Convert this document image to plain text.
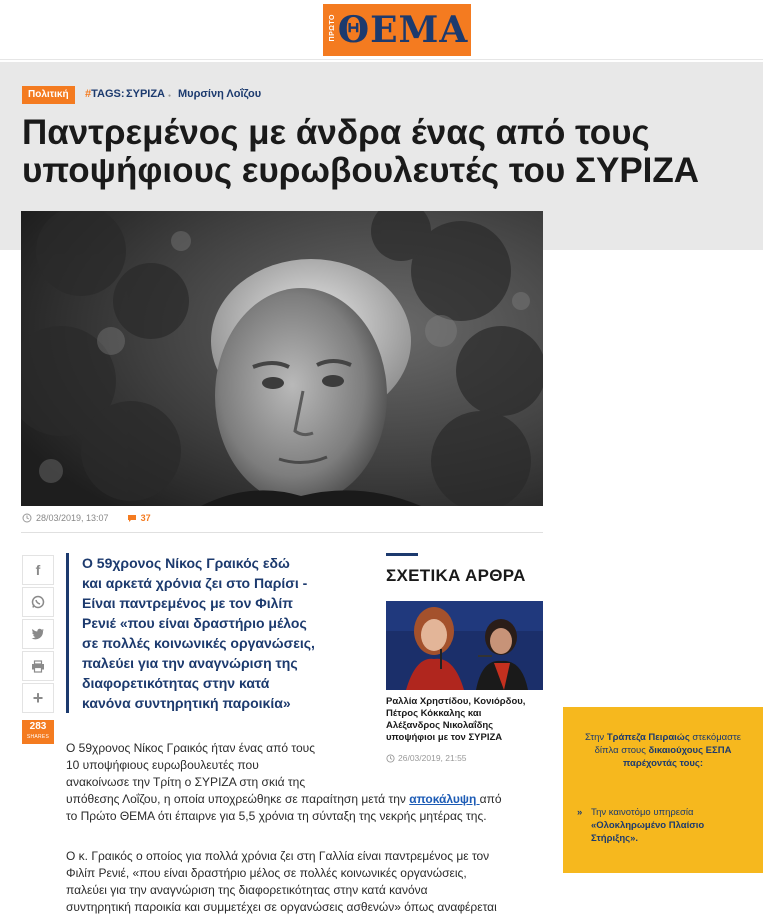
ΠΡΩΤΟ ΘΕΜΑ
Πολιτική	#TAGS: ΣΥΡΙΖΑ ● Μυρσίνη Λοΐζου
Παντρεμένος με άνδρα ένας από τους
υποψήφιους ευρωβουλευτές του ΣΥΡΙΖΑ
28/03/2019, 13:07	37
f
+
283
SHARES
Ο 59χρονος Νίκος Γραικός εδώ
και αρκετά χρόνια ζει στο Παρίσι -
Είναι παντρεμένος με τον Φιλίπ
Ρενιέ «που είναι δραστήριο μέλος
σε πολλές κοινωνικές οργανώσεις,
παλεύει για την αναγνώριση της
διαφορετικότητας στην κατά
κανόνα συντηρητική παροικία»
ΣΧΕΤΙΚΑ ΑΡΘΡΑ
Ραλλία Χρηστίδου, Κονιόρδου,
Πέτρος Κόκκαλης και
Αλέξανδρος Νικολαΐδης
υποψήφιοι με τον ΣΥΡΙΖΑ
26/03/2019, 21:55
Ο 59χρονος Νίκος Γραικός ήταν ένας από τους
10 υποψήφιους ευρωβουλευτές που
ανακοίνωσε την Τρίτη ο ΣΥΡΙΖΑ στη σκιά της
υπόθεσης Λοΐζου, η οποία υποχρεώθηκε σε παραίτηση μετά την αποκάλυψη από
το Πρώτο ΘΕΜΑ ότι έπαιρνε για 5,5 χρόνια τη σύνταξη της νεκρής μητέρας της.
Ο κ. Γραικός ο οποίος για πολλά χρόνια ζει στη Γαλλία είναι παντρεμένος με τον
Φιλίπ Ρενιέ, «που είναι δραστήριο μέλος σε πολλές κοινωνικές οργανώσεις,
παλεύει για την αναγνώριση της διαφορετικότητας στην κατά κανόνα
συντηρητική παροικία και συμμετέχει σε οργανώσεις ασθενών» όπως αναφέρεται
Στην Τράπεζα Πειραιώς στεκόμαστε
δίπλα στους δικαιούχους ΕΣΠΑ
παρέχοντάς τους:
» Την καινοτόμο υπηρεσία
«Ολοκληρωμένο Πλαίσιο Στήριξης».
